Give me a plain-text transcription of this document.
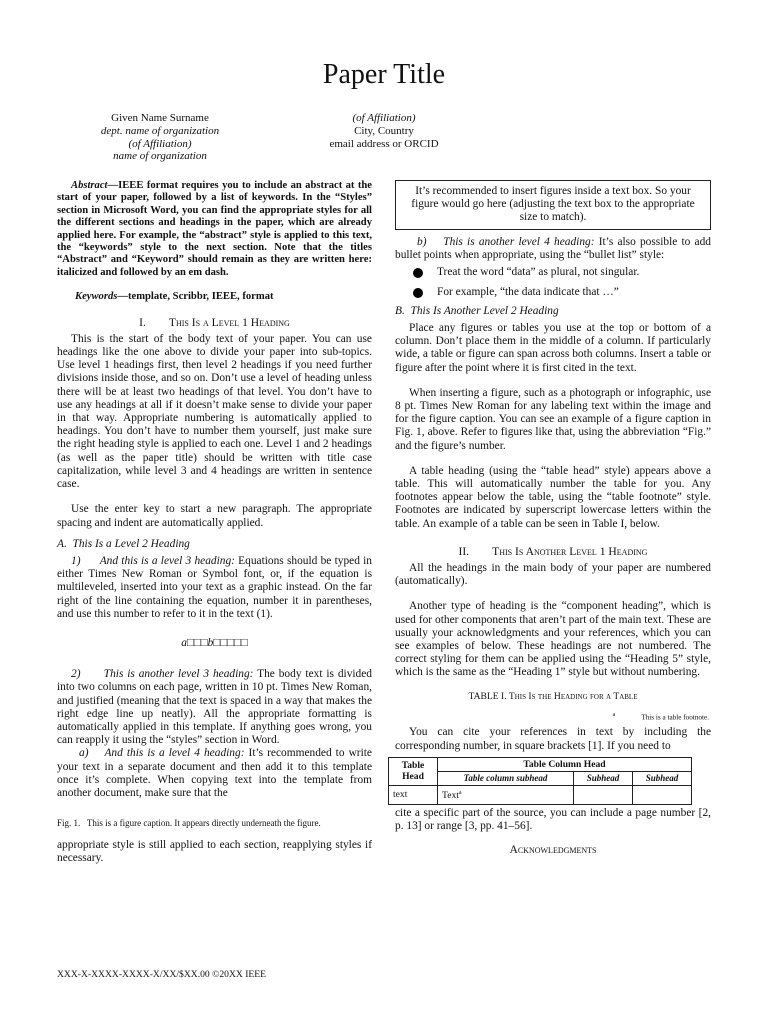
Paper Title
Given Name Surname
dept. name of organization
(of Affiliation)
name of organization
(of Affiliation)
City, Country
email address or ORCID

Abstract—IEEE format requires you to include an abstract at the start of your paper, followed by a list of keywords. In the “Styles” section in Microsoft Word, you can find the appropriate styles for all the different sections and headings in the paper, which are already applied here. For example, the “abstract” style is applied to this text, the “keywords” style to the next section. Note that the titles “Abstract” and “Keyword” should remain as they are written here: italicized and followed by an em dash.

Keywords—template, Scribbr, IEEE, format

I.        This Is a Level 1 Heading

This is the start of the body text of your paper. You can use headings like the one above to divide your paper into sub-topics. Use level 1 headings first, then level 2 headings if you need further divisions inside those, and so on. Don’t use a level of heading unless there will be at least two headings of that level. You don’t have to use any headings at all if it doesn’t make sense to divide your paper in that way. Appropriate numbering is automatically applied to headings. You don’t have to number them yourself, just make sure the right heading style is applied to each one. Level 1 and 2 headings (as well as the paper title) should be written with title case capitalization, while level 3 and 4 headings are written in sentence case.

Use the enter key to start a new paragraph. The appropriate spacing and indent are automatically applied.

A.  This Is a Level 2 Heading

1)      And this is a level 3 heading: Equations should be typed in either Times New Roman or Symbol font, or, if the equation is multileveled, inserted into your text as a graphic instead. On the far right of the line containing the equation, number it in parentheses, and use this number to refer to it in the text (1).

a□□□b□□□□□

2)      This is another level 3 heading: The body text is divided into two columns on each page, written in 10 pt. Times New Roman, and justified (meaning that the text is spaced in a way that makes the right edge line up neatly). All the appropriate formatting is automatically applied in this template. If anything goes wrong, you can reapply it using the “styles” section in Word.

a)    And this is a level 4 heading: It’s recommended to write your text in a separate document and then add it to this template once it’s complete. When copying text into the template from another document, make sure that the

Fig. 1.   This is a figure caption. It appears directly underneath the figure.

appropriate style is still applied to each section, reapplying styles if necessary.

It’s recommended to insert figures inside a text box. So your figure would go here (adjusting the text box to the appropriate size to match).

b)    This is another level 4 heading: It’s also possible to add bullet points when appropriate, using the “bullet list” style:

Treat the word “data” as plural, not singular.
For example, “the data indicate that …”
B.  This Is Another Level 2 Heading

Place any figures or tables you use at the top or bottom of a column. Don’t place them in the middle of a column. If particularly wide, a table or figure can span across both columns. Insert a table or figure after the point where it is first cited in the text.

When inserting a figure, such as a photograph or infographic, use 8 pt. Times New Roman for any labeling text within the image and for the figure caption. You can see an example of a figure caption in Fig. 1, above. Refer to figures like that, using the abbreviation “Fig.” and the figure’s number.

A table heading (using the “table head” style) appears above a table. This will automatically number the table for you. Any footnotes appear below the table, using the “table footnote” style. Footnotes are indicated by superscript lowercase letters within the table. An example of a table can be seen in Table I, below.

II.        This Is Another Level 1 Heading

All the headings in the main body of your paper are numbered (automatically).

Another type of heading is the “component heading”, which is used for other components that aren’t part of the main text. These are usually your acknowledgments and your references, which you can see examples of below. These headings are not numbered. The correct styling for them can be applied using the “Heading 5” style, which is the same as the “Heading 1” style but without numbering.

TABLE I. This Is the Heading for a Table
$^a$	This is a table footnote.

You can cite your references in text by including the corresponding number, in square brackets [1]. If you need to

Table Head	Table Column Head		
	Table column subhead	Subhead	Subhead
text	Text$^a$		

cite a specific part of the source, you can include a page number [2, p. 13] or range [3, pp. 41–56].

Acknowledgments
XXX-X-XXXX-XXXX-X/XX/$XX.00 ©20XX IEEE
